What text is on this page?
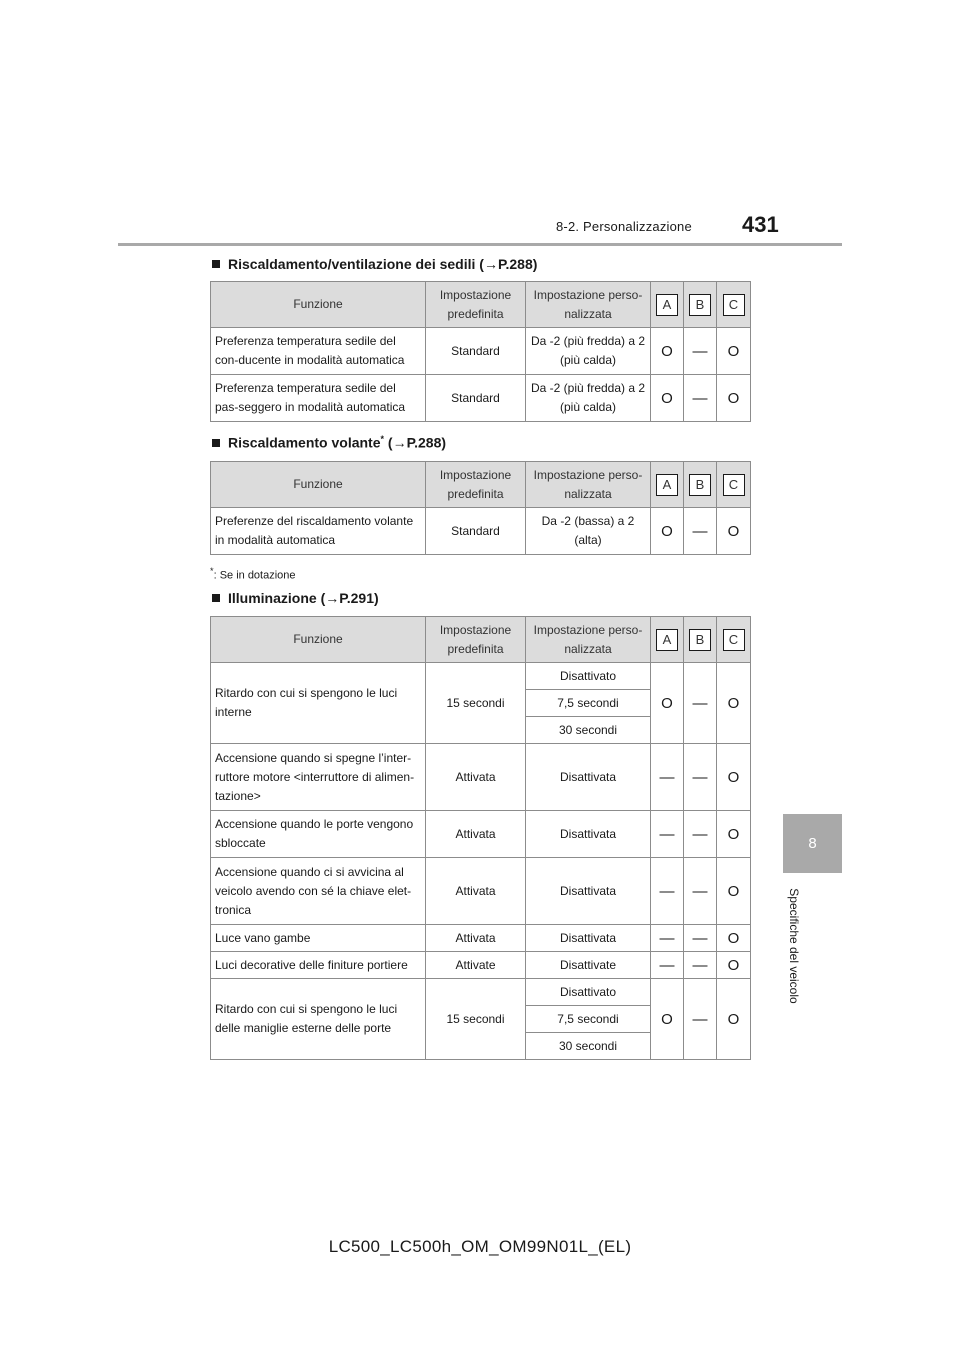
8-2. Personalizzazione 431
8
Specifiche del veicolo
Riscaldamento/ventilazione dei sedili (→P.288)
Funzione	Impostazione predefinita	Impostazione perso-nalizzata	A	B	C
Preferenza temperatura sedile del con-ducente in modalità automatica	Standard	Da -2 (più fredda) a 2 (più calda)	O	—	O
Preferenza temperatura sedile del pas-seggero in modalità automatica	Standard	Da -2 (più fredda) a 2 (più calda)	O	—	O
Riscaldamento volante* (→P.288)
Funzione	Impostazione predefinita	Impostazione perso-nalizzata	A	B	C
Preferenze del riscaldamento volante in modalità automatica	Standard	Da -2 (bassa) a 2 (alta)	O	—	O
*: Se in dotazione
Illuminazione (→P.291)
Funzione	Impostazione predefinita	Impostazione perso-nalizzata	A	B	C
Ritardo con cui si spengono le luci interne	15 secondi	Disattivato	O	—	O
		7,5 secondi			
		30 secondi			
Accensione quando si spegne l’inter-ruttore motore <interruttore di alimen-tazione>	Attivata	Disattivata	—	—	O
Accensione quando le porte vengono sbloccate	Attivata	Disattivata	—	—	O
Accensione quando ci si avvicina al veicolo avendo con sé la chiave elet-tronica	Attivata	Disattivata	—	—	O
Luce vano gambe	Attivata	Disattivata	—	—	O
Luci decorative delle finiture portiere	Attivate	Disattivate	—	—	O
Ritardo con cui si spengono le luci delle maniglie esterne delle porte	15 secondi	Disattivato	O	—	O
		7,5 secondi			
		30 secondi			
LC500_LC500h_OM_OM99N01L_(EL)
